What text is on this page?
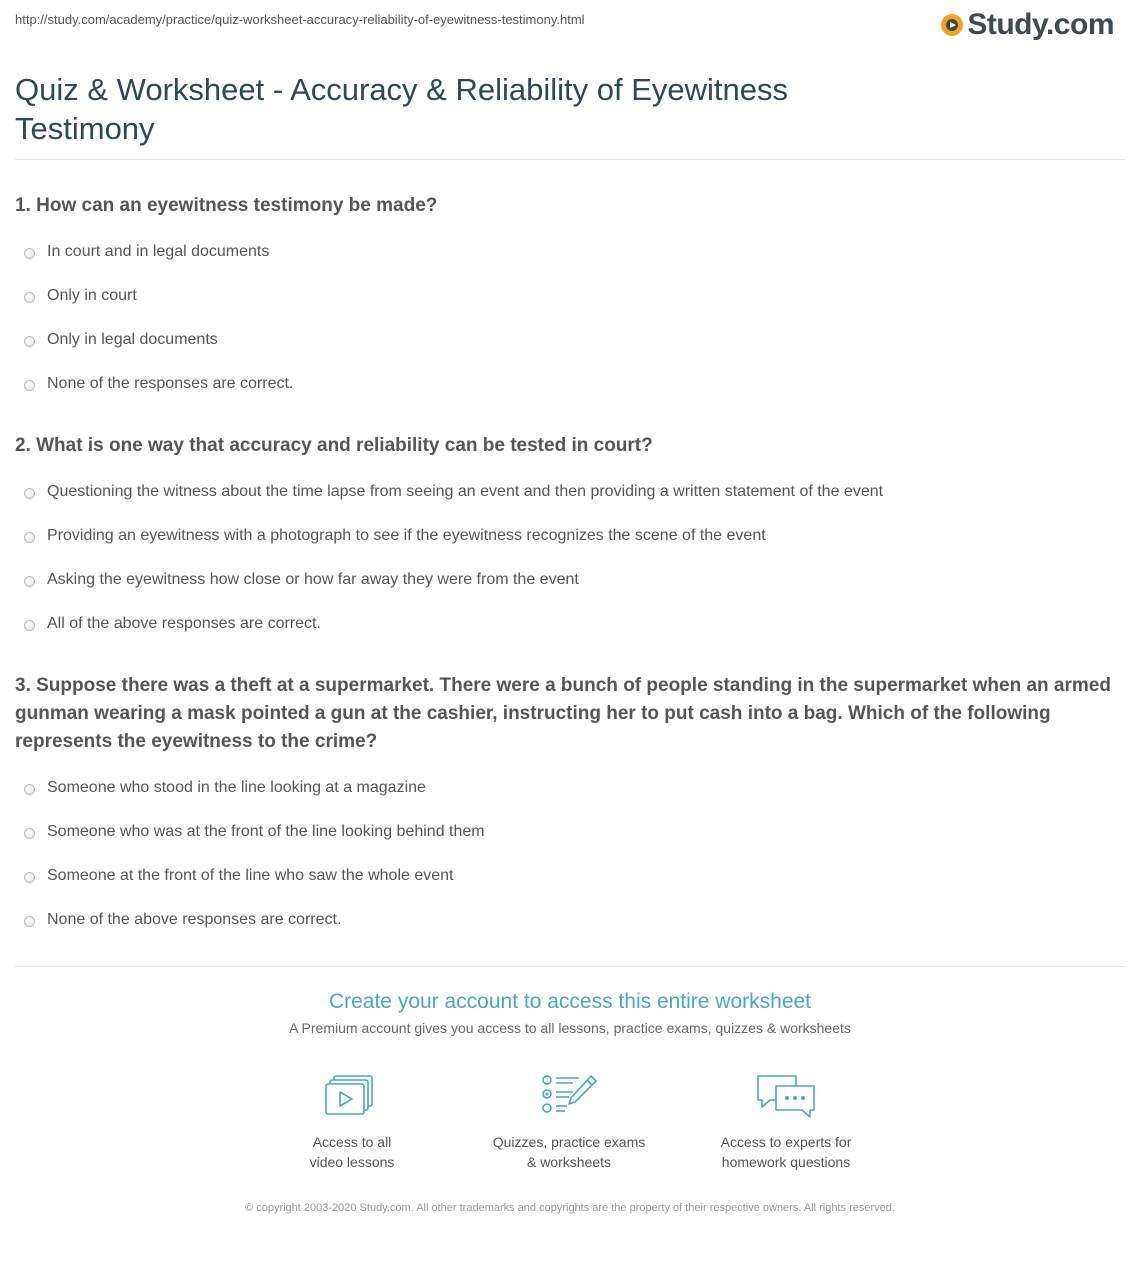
http://study.com/academy/practice/quiz-worksheet-accuracy-reliability-of-eyewitness-testimony.html	Study.com
Quiz & Worksheet - Accuracy & Reliability of Eyewitness Testimony
1. How can an eyewitness testimony be made?
In court and in legal documents
Only in court
Only in legal documents
None of the responses are correct.
2. What is one way that accuracy and reliability can be tested in court?
Questioning the witness about the time lapse from seeing an event and then providing a written statement of the event
Providing an eyewitness with a photograph to see if the eyewitness recognizes the scene of the event
Asking the eyewitness how close or how far away they were from the event
All of the above responses are correct.
3. Suppose there was a theft at a supermarket. There were a bunch of people standing in the supermarket when an armed gunman wearing a mask pointed a gun at the cashier, instructing her to put cash into a bag. Which of the following represents the eyewitness to the crime?
Someone who stood in the line looking at a magazine
Someone who was at the front of the line looking behind them
Someone at the front of the line who saw the whole event
None of the above responses are correct.
Create your account to access this entire worksheet
A Premium account gives you access to all lessons, practice exams, quizzes & worksheets
Access to all
video lessons
Quizzes, practice exams
& worksheets
Access to experts for
homework questions
© copyright 2003-2020 Study.com. All other trademarks and copyrights are the property of their respective owners. All rights reserved.
